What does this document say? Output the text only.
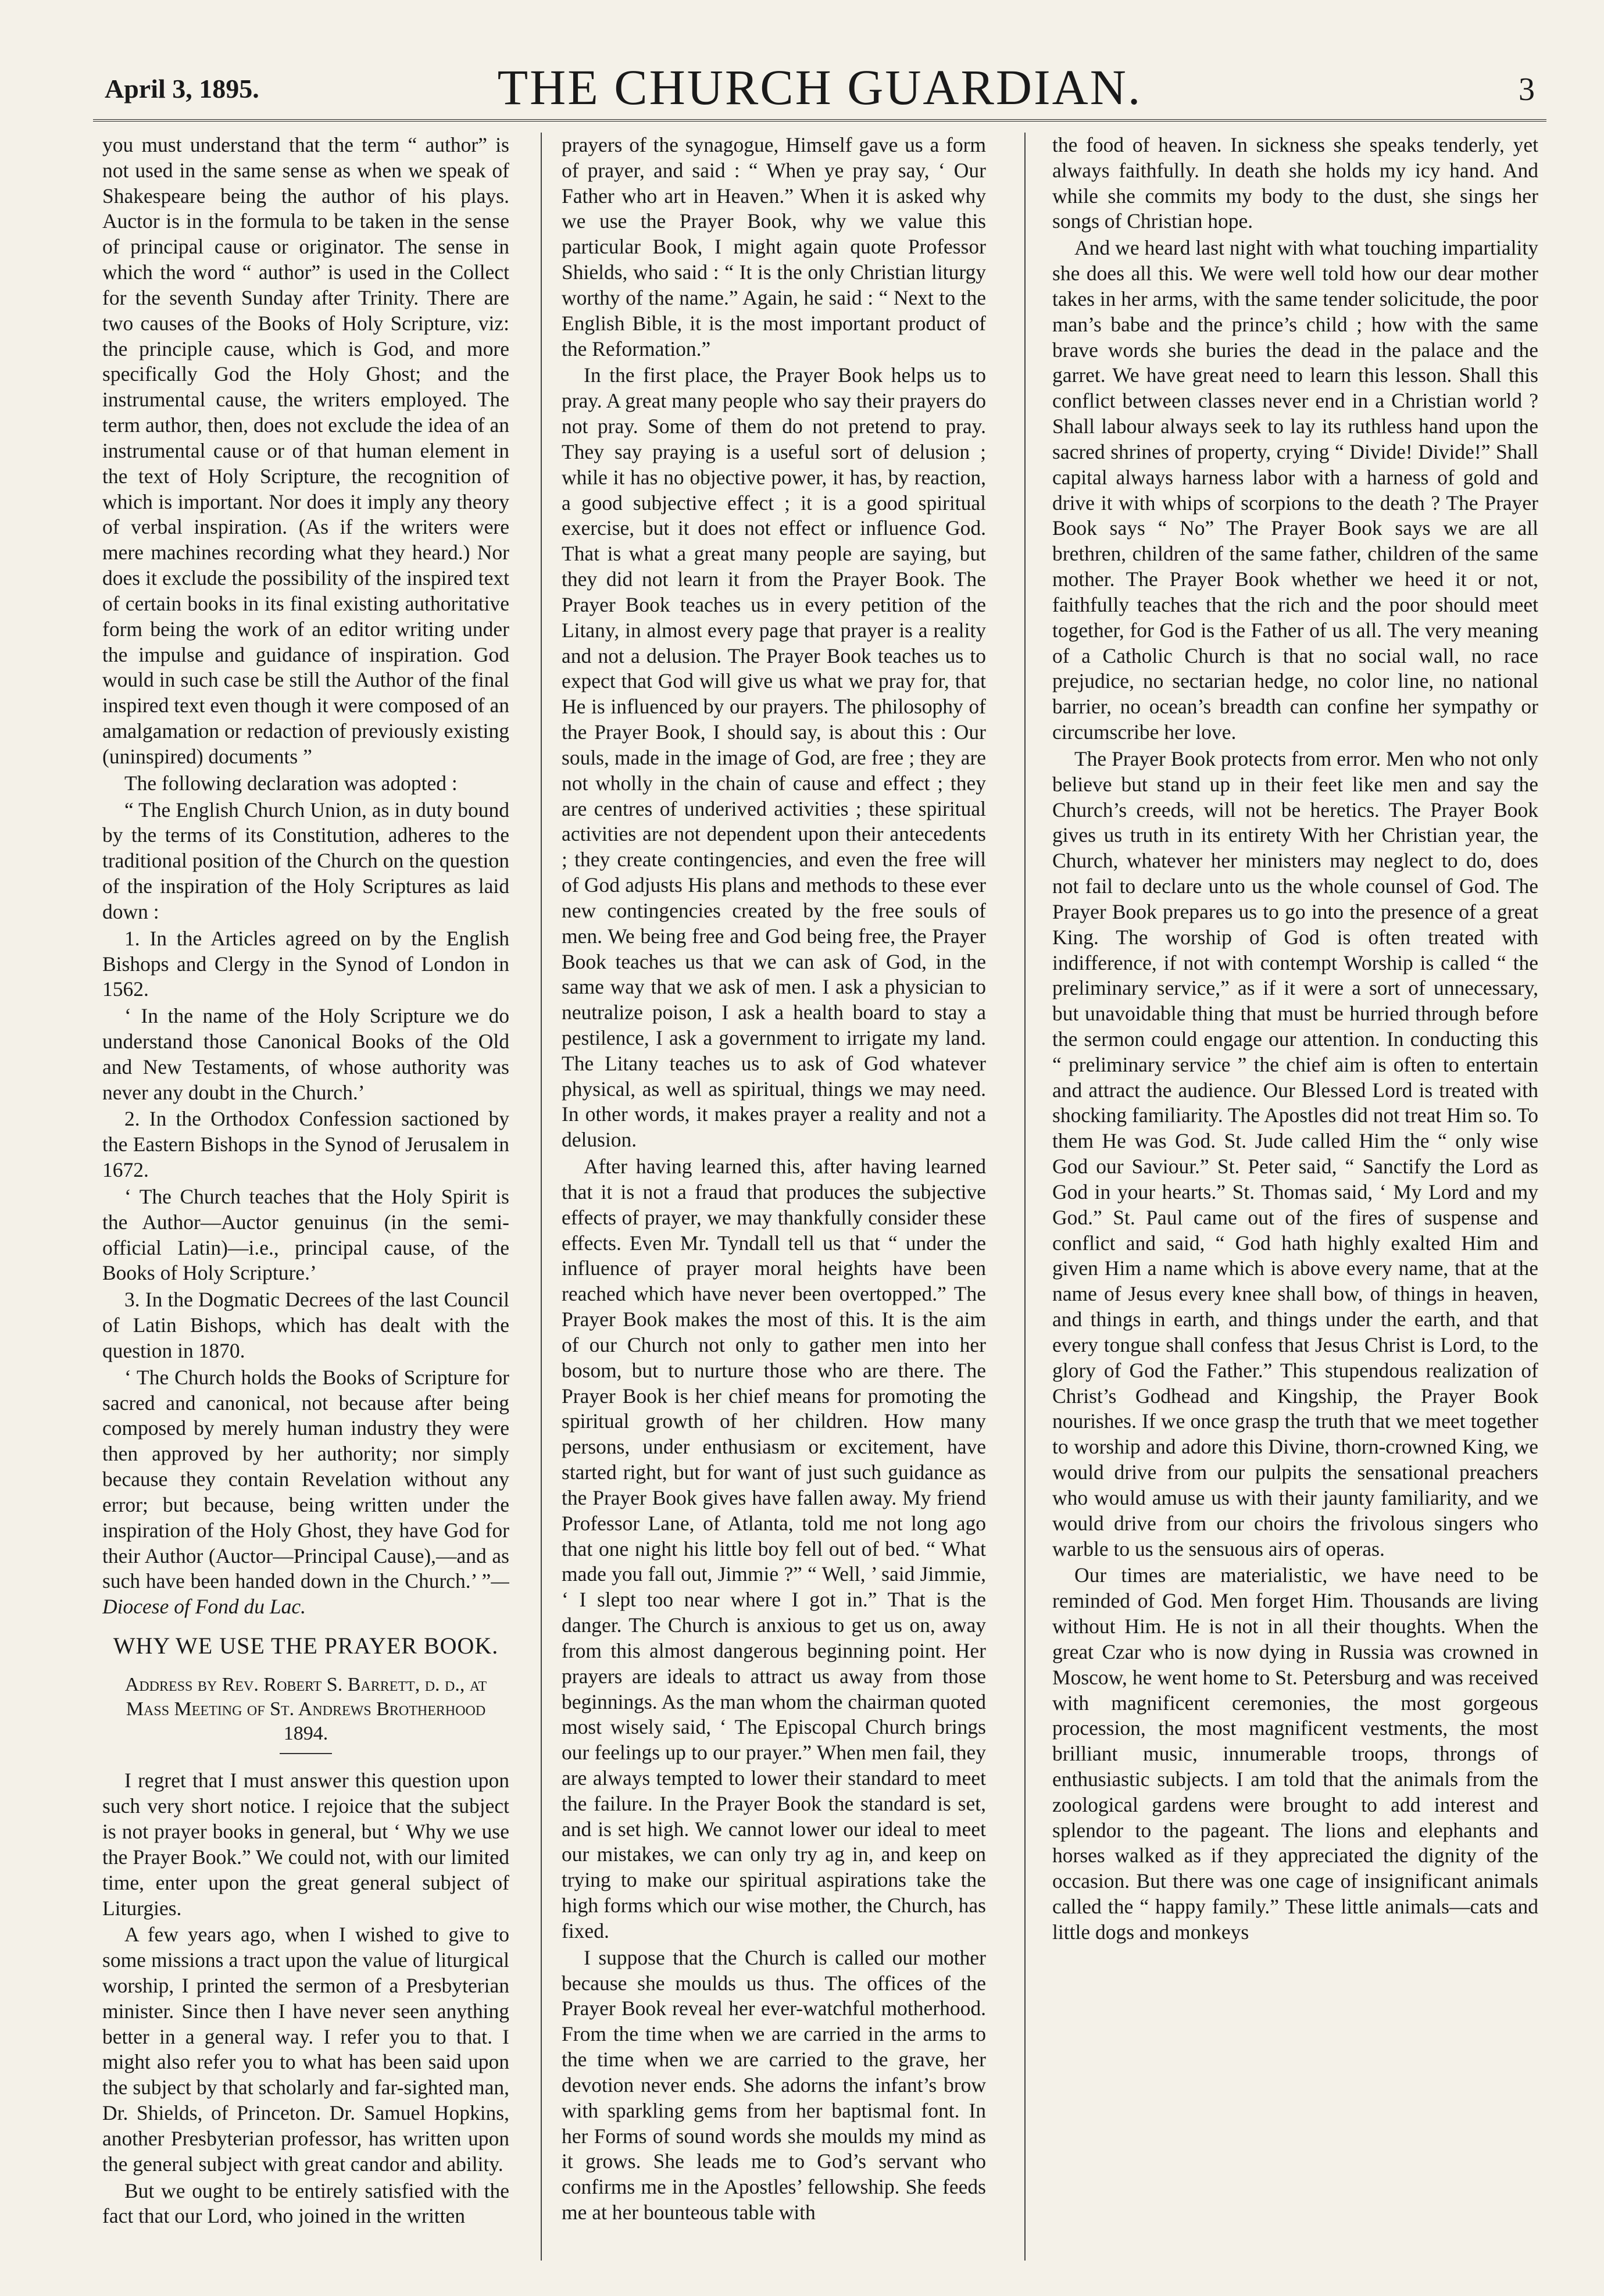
April 3, 1895.	THE CHURCH GUARDIAN.	3

you must understand that the term “ author” is not used in the same sense as when we speak of Shakespeare being the author of his plays. Auctor is in the formula to be taken in the sense of principal cause or originator. The sense in which the word “ author” is used in the Collect for the seventh Sunday after Trinity. There are two causes of the Books of Holy Scripture, viz: the principle cause, which is God, and more specifically God the Holy Ghost; and the instrumental cause, the writers employed. The term author, then, does not exclude the idea of an instrumental cause or of that human element in the text of Holy Scripture, the recognition of which is important. Nor does it imply any theory of verbal inspiration. (As if the writers were mere machines recording what they heard.) Nor does it exclude the possibility of the inspired text of certain books in its final existing authoritative form being the work of an editor writing under the impulse and guidance of inspiration. God would in such case be still the Author of the final inspired text even though it were composed of an amalgamation or redaction of previously existing (uninspired) documents ”

The following declaration was adopted :

“ The English Church Union, as in duty bound by the terms of its Constitution, adheres to the traditional position of the Church on the question of the inspiration of the Holy Scriptures as laid down :

1. In the Articles agreed on by the English Bishops and Clergy in the Synod of London in 1562.

‘ In the name of the Holy Scripture we do understand those Canonical Books of the Old and New Testaments, of whose authority was never any doubt in the Church.’

2. In the Orthodox Confession sactioned by the Eastern Bishops in the Synod of Jerusalem in 1672.

‘ The Church teaches that the Holy Spirit is the Author—Auctor genuinus (in the semi-official Latin)—i.e., principal cause, of the Books of Holy Scripture.’

3. In the Dogmatic Decrees of the last Council of Latin Bishops, which has dealt with the question in 1870.

‘ The Church holds the Books of Scripture for sacred and canonical, not because after being composed by merely human industry they were then approved by her authority; nor simply because they contain Revelation without any error; but because, being written under the inspiration of the Holy Ghost, they have God for their Author (Auctor—Principal Cause),—and as such have been handed down in the Church.’ ”—Diocese of Fond du Lac.

WHY WE USE THE PRAYER BOOK.
Address by Rev. Robert S. Barrett, d. d., at Mass Meeting of St. Andrews Brotherhood 1894.

I regret that I must answer this question upon such very short notice. I rejoice that the subject is not prayer books in general, but ‘ Why we use the Prayer Book.” We could not, with our limited time, enter upon the great general subject of Liturgies.

A few years ago, when I wished to give to some missions a tract upon the value of liturgical worship, I printed the sermon of a Presbyterian minister. Since then I have never seen anything better in a general way. I refer you to that. I might also refer you to what has been said upon the subject by that scholarly and far-sighted man, Dr. Shields, of Princeton. Dr. Samuel Hopkins, another Presbyterian professor, has written upon the general subject with great candor and ability.

But we ought to be entirely satisfied with the fact that our Lord, who joined in the written

prayers of the synagogue, Himself gave us a form of prayer, and said : “ When ye pray say, ‘ Our Father who art in Heaven.” When it is asked why we use the Prayer Book, why we value this particular Book, I might again quote Professor Shields, who said : “ It is the only Christian liturgy worthy of the name.” Again, he said : “ Next to the English Bible, it is the most important product of the Reformation.”

In the first place, the Prayer Book helps us to pray. A great many people who say their prayers do not pray. Some of them do not pretend to pray. They say praying is a useful sort of delusion ; while it has no objective power, it has, by reaction, a good subjective effect ; it is a good spiritual exercise, but it does not effect or influence God. That is what a great many people are saying, but they did not learn it from the Prayer Book. The Prayer Book teaches us in every petition of the Litany, in almost every page that prayer is a reality and not a delusion. The Prayer Book teaches us to expect that God will give us what we pray for, that He is influenced by our prayers. The philosophy of the Prayer Book, I should say, is about this : Our souls, made in the image of God, are free ; they are not wholly in the chain of cause and effect ; they are centres of underived activities ; these spiritual activities are not dependent upon their antecedents ; they create contingencies, and even the free will of God adjusts His plans and methods to these ever new contingencies created by the free souls of men. We being free and God being free, the Prayer Book teaches us that we can ask of God, in the same way that we ask of men. I ask a physician to neutralize poison, I ask a health board to stay a pestilence, I ask a government to irrigate my land. The Litany teaches us to ask of God whatever physical, as well as spiritual, things we may need. In other words, it makes prayer a reality and not a delusion.

After having learned this, after having learned that it is not a fraud that produces the subjective effects of prayer, we may thankfully consider these effects. Even Mr. Tyndall tell us that “ under the influence of prayer moral heights have been reached which have never been overtopped.” The Prayer Book makes the most of this. It is the aim of our Church not only to gather men into her bosom, but to nurture those who are there. The Prayer Book is her chief means for promoting the spiritual growth of her children. How many persons, under enthusiasm or excitement, have started right, but for want of just such guidance as the Prayer Book gives have fallen away. My friend Professor Lane, of Atlanta, told me not long ago that one night his little boy fell out of bed. “ What made you fall out, Jimmie ?” “ Well, ’ said Jimmie, ‘ I slept too near where I got in.” That is the danger. The Church is anxious to get us on, away from this almost dangerous beginning point. Her prayers are ideals to attract us away from those beginnings. As the man whom the chairman quoted most wisely said, ‘ The Episcopal Church brings our feelings up to our prayer.” When men fail, they are always tempted to lower their standard to meet the failure. In the Prayer Book the standard is set, and is set high. We cannot lower our ideal to meet our mistakes, we can only try ag in, and keep on trying to make our spiritual aspirations take the high forms which our wise mother, the Church, has fixed.

I suppose that the Church is called our mother because she moulds us thus. The offices of the Prayer Book reveal her ever-watchful motherhood. From the time when we are carried in the arms to the time when we are carried to the grave, her devotion never ends. She adorns the infant’s brow with sparkling gems from her baptismal font. In her Forms of sound words she moulds my mind as it grows. She leads me to God’s servant who confirms me in the Apostles’ fellowship. She feeds me at her bounteous table with

the food of heaven. In sickness she speaks tenderly, yet always faithfully. In death she holds my icy hand. And while she commits my body to the dust, she sings her songs of Christian hope.

And we heard last night with what touching impartiality she does all this. We were well told how our dear mother takes in her arms, with the same tender solicitude, the poor man’s babe and the prince’s child ; how with the same brave words she buries the dead in the palace and the garret. We have great need to learn this lesson. Shall this conflict between classes never end in a Christian world ? Shall labour always seek to lay its ruthless hand upon the sacred shrines of property, crying “ Divide! Divide!” Shall capital always harness labor with a harness of gold and drive it with whips of scorpions to the death ? The Prayer Book says “ No” The Prayer Book says we are all brethren, children of the same father, children of the same mother. The Prayer Book whether we heed it or not, faithfully teaches that the rich and the poor should meet together, for God is the Father of us all. The very meaning of a Catholic Church is that no social wall, no race prejudice, no sectarian hedge, no color line, no national barrier, no ocean’s breadth can confine her sympathy or circumscribe her love.

The Prayer Book protects from error. Men who not only believe but stand up in their feet like men and say the Church’s creeds, will not be heretics. The Prayer Book gives us truth in its entirety With her Christian year, the Church, whatever her ministers may neglect to do, does not fail to declare unto us the whole counsel of God. The Prayer Book prepares us to go into the presence of a great King. The worship of God is often treated with indifference, if not with contempt Worship is called “ the preliminary service,” as if it were a sort of unnecessary, but unavoidable thing that must be hurried through before the sermon could engage our attention. In conducting this “ preliminary service ” the chief aim is often to entertain and attract the audience. Our Blessed Lord is treated with shocking familiarity. The Apostles did not treat Him so. To them He was God. St. Jude called Him the “ only wise God our Saviour.” St. Peter said, “ Sanctify the Lord as God in your hearts.” St. Thomas said, ‘ My Lord and my God.” St. Paul came out of the fires of suspense and conflict and said, “ God hath highly exalted Him and given Him a name which is above every name, that at the name of Jesus every knee shall bow, of things in heaven, and things in earth, and things under the earth, and that every tongue shall confess that Jesus Christ is Lord, to the glory of God the Father.” This stupendous realization of Christ’s Godhead and Kingship, the Prayer Book nourishes. If we once grasp the truth that we meet together to worship and adore this Divine, thorn-crowned King, we would drive from our pulpits the sensational preachers who would amuse us with their jaunty familiarity, and we would drive from our choirs the frivolous singers who warble to us the sensuous airs of operas.

Our times are materialistic, we have need to be reminded of God. Men forget Him. Thousands are living without Him. He is not in all their thoughts. When the great Czar who is now dying in Russia was crowned in Moscow, he went home to St. Petersburg and was received with magnificent ceremonies, the most gorgeous procession, the most magnificent vestments, the most brilliant music, innumerable troops, throngs of enthusiastic subjects. I am told that the animals from the zoological gardens were brought to add interest and splendor to the pageant. The lions and elephants and horses walked as if they appreciated the dignity of the occasion. But there was one cage of insignificant animals called the “ happy family.” These little animals—cats and little dogs and monkeys
